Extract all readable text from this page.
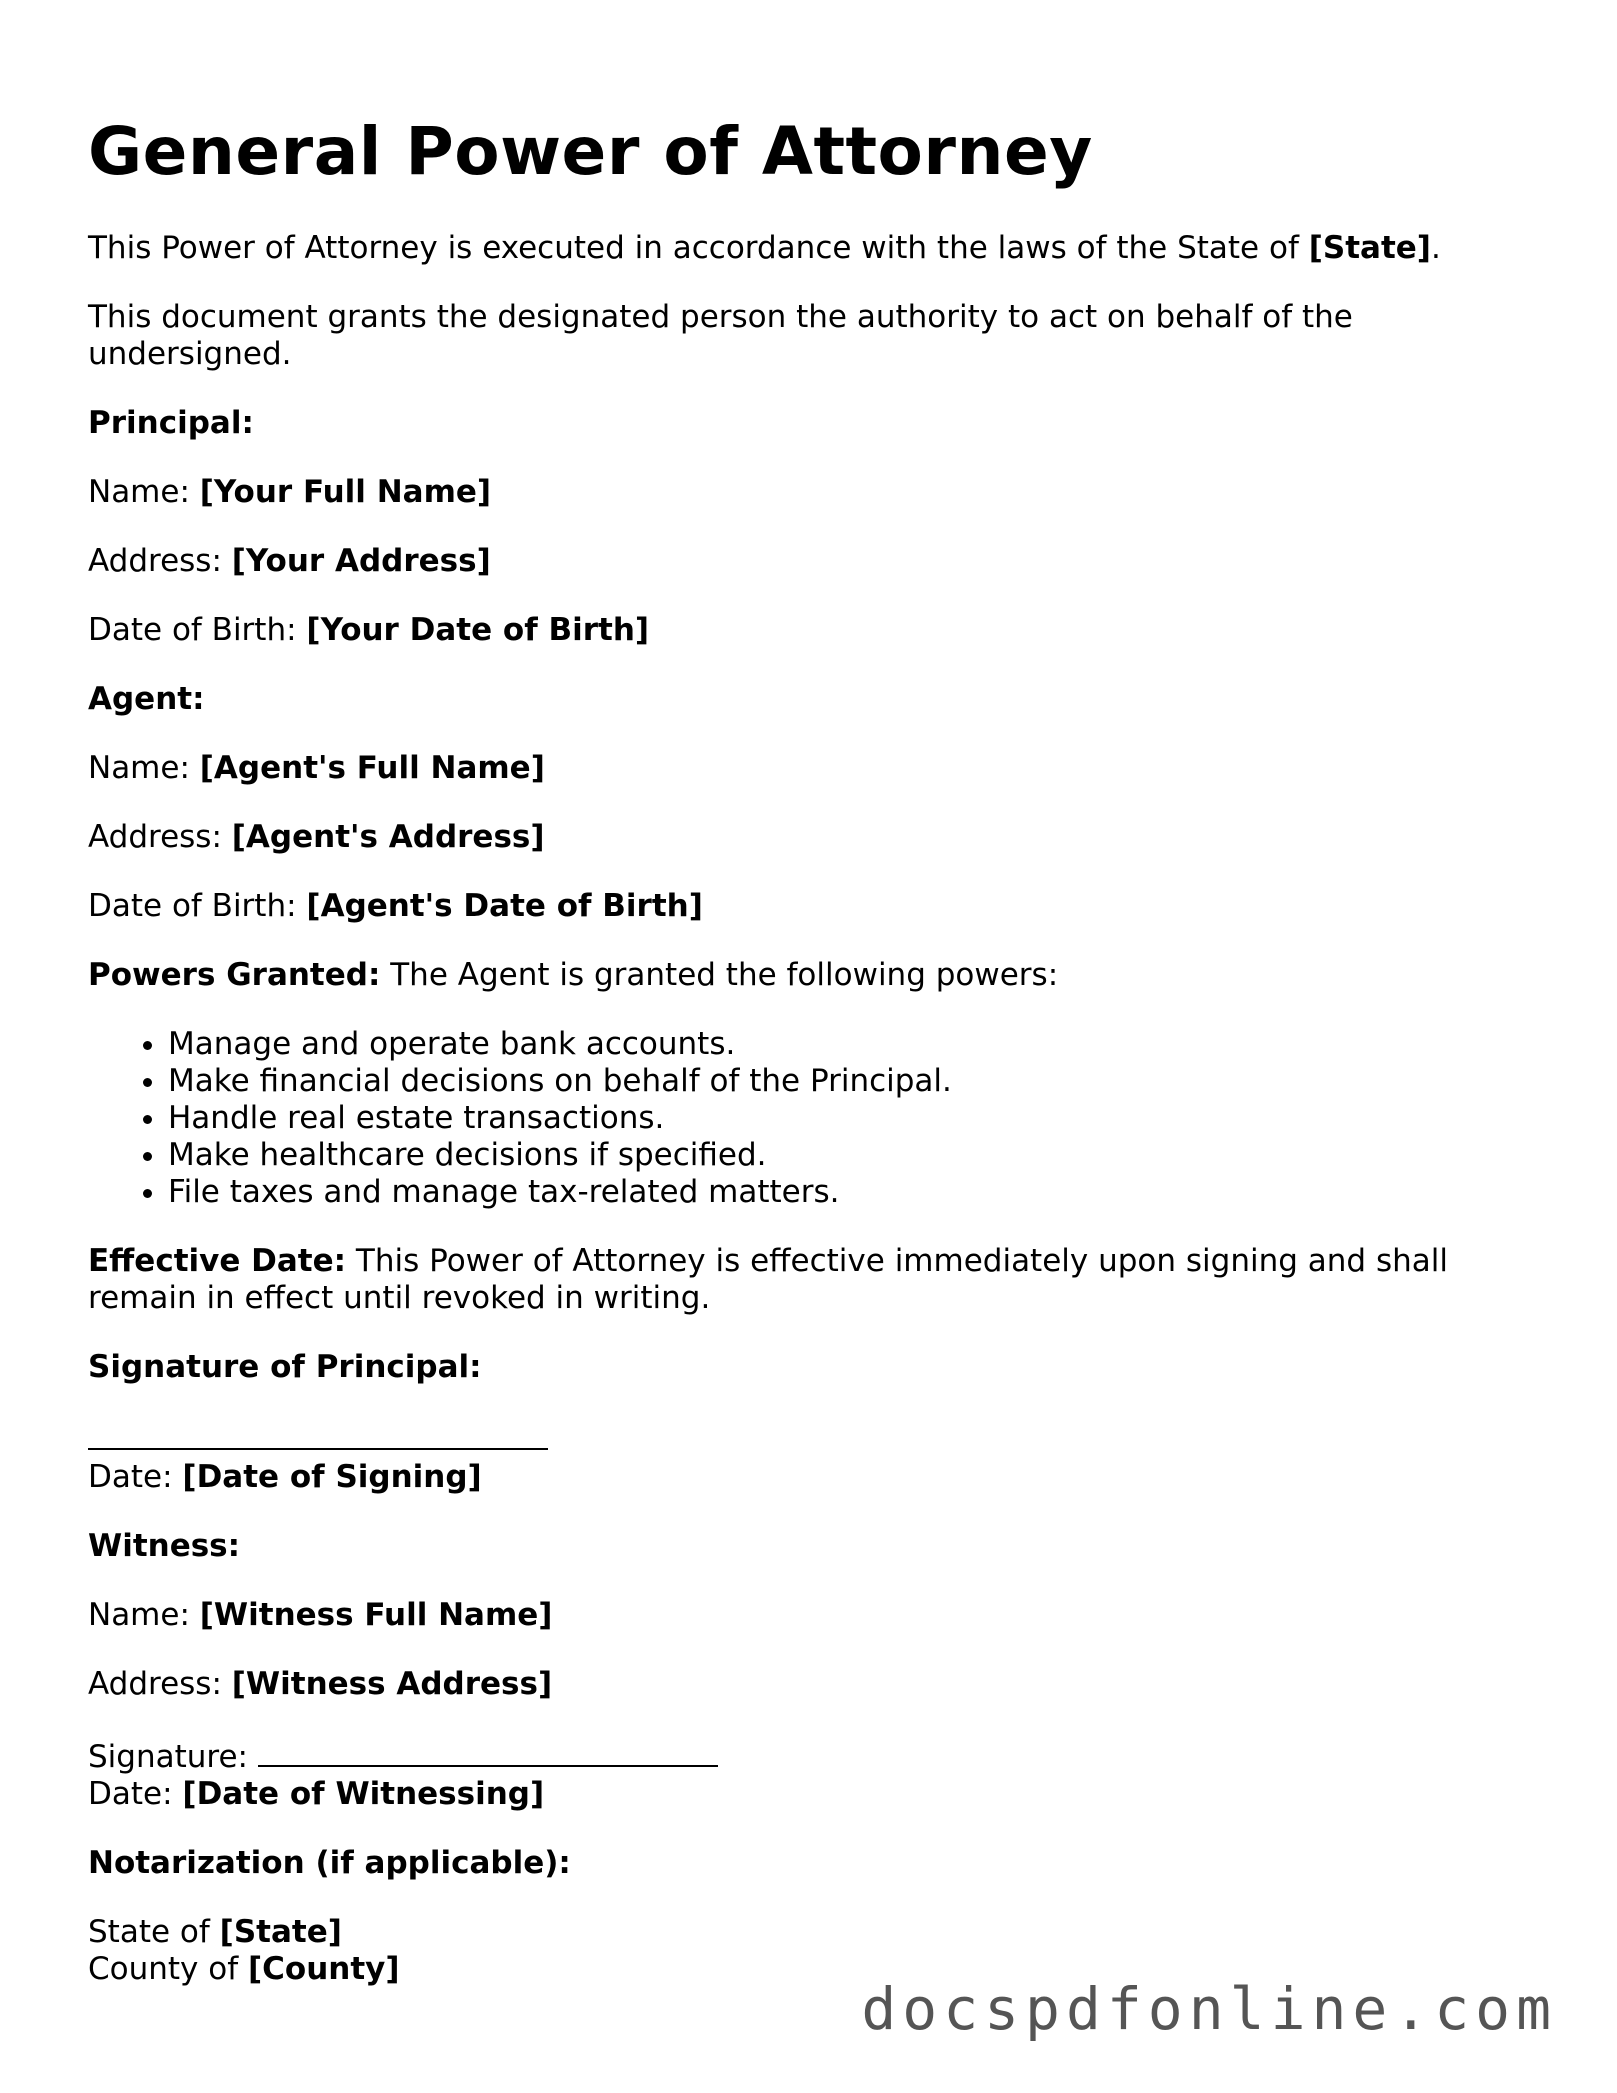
General Power of Attorney

This Power of Attorney is executed in accordance with the laws of the State of [State].

This document grants the designated person the authority to act on behalf of the undersigned.

Principal:

Name: [Your Full Name]

Address: [Your Address]

Date of Birth: [Your Date of Birth]

Agent:

Name: [Agent's Full Name]

Address: [Agent's Address]

Date of Birth: [Agent's Date of Birth]

Powers Granted: The Agent is granted the following powers:

• Manage and operate bank accounts.
• Make financial decisions on behalf of the Principal.
• Handle real estate transactions.
• Make healthcare decisions if specified.
• File taxes and manage tax-related matters.

Effective Date: This Power of Attorney is effective immediately upon signing and shall remain in effect until revoked in writing.

Signature of Principal:

Date: [Date of Signing]

Witness:

Name: [Witness Full Name]

Address: [Witness Address]

Signature:
Date: [Date of Witnessing]

Notarization (if applicable):

State of [State]
County of [County]

docspdfonline.com
